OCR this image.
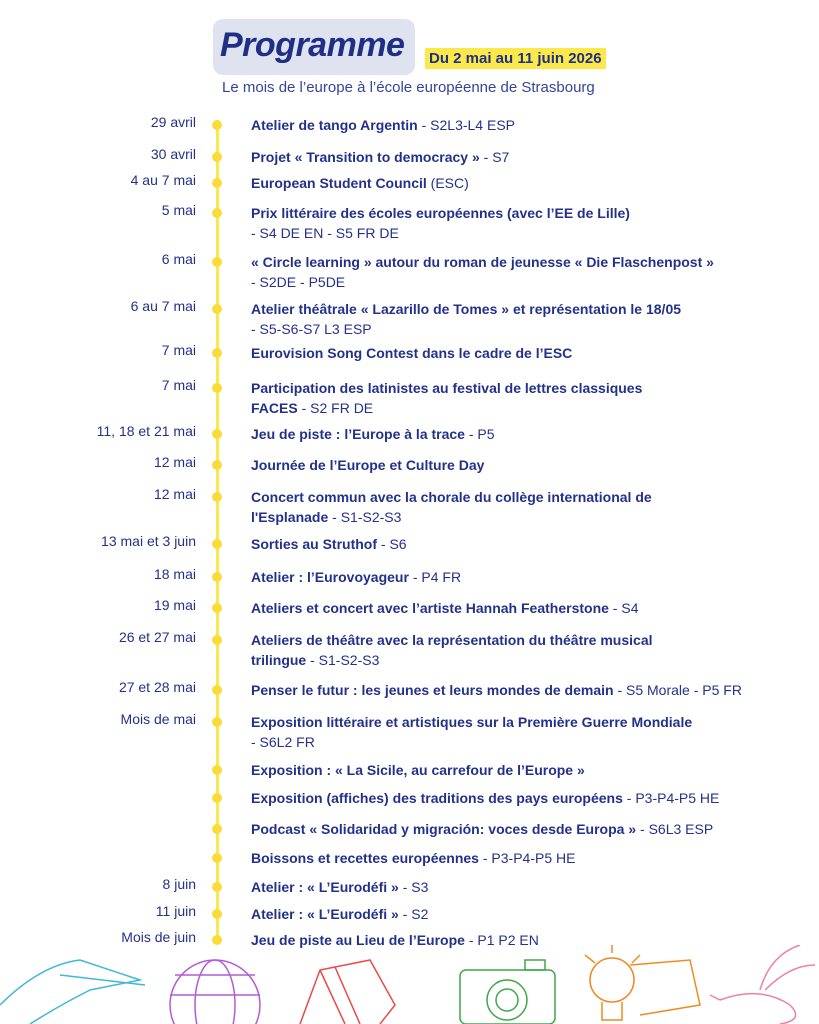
Programme Du 2 mai au 11 juin 2026
Le mois de l’europe à l’école européenne de Strasbourg
29 avril	Atelier de tango Argentin - S2L3-L4 ESP
30 avril	Projet « Transition to democracy » - S7
4 au 7 mai	European Student Council (ESC)
5 mai	Prix littéraire des écoles européennes (avec l’EE de Lille)
- S4 DE EN - S5 FR DE
6 mai	« Circle learning » autour du roman de jeunesse « Die Flaschenpost »
- S2DE - P5DE
6 au 7 mai	Atelier théâtrale « Lazarillo de Tomes » et représentation le 18/05
- S5-S6-S7 L3 ESP
7 mai	Eurovision Song Contest dans le cadre de l’ESC
7 mai	Participation des latinistes au festival de lettres classiques
FACES - S2 FR DE
11, 18 et 21 mai	Jeu de piste : l’Europe à la trace - P5
12 mai	Journée de l’Europe et Culture Day
12 mai	Concert commun avec la chorale du collège international de
l'Esplanade - S1-S2-S3
13 mai et 3 juin	Sorties au Struthof - S6
18 mai	Atelier : l’Eurovoyageur - P4 FR
19 mai	Ateliers et concert avec l’artiste Hannah Featherstone - S4
26 et 27 mai	Ateliers de théâtre avec la représentation du théâtre musical
trilingue - S1-S2-S3
27 et 28 mai	Penser le futur : les jeunes et leurs mondes de demain - S5 Morale - P5 FR
Mois de mai	Exposition littéraire et artistiques sur la Première Guerre Mondiale
- S6L2 FR
Exposition : « La Sicile, au carrefour de l’Europe »
Exposition (affiches) des traditions des pays européens - P3-P4-P5 HE
Podcast « Solidaridad y migración: voces desde Europa » - S6L3 ESP
Boissons et recettes européennes - P3-P4-P5 HE
8 juin	Atelier : « L’Eurodéfi » - S3
11 juin	Atelier : « L’Eurodéfi » - S2
Mois de juin	Jeu de piste au Lieu de l’Europe - P1 P2 EN
